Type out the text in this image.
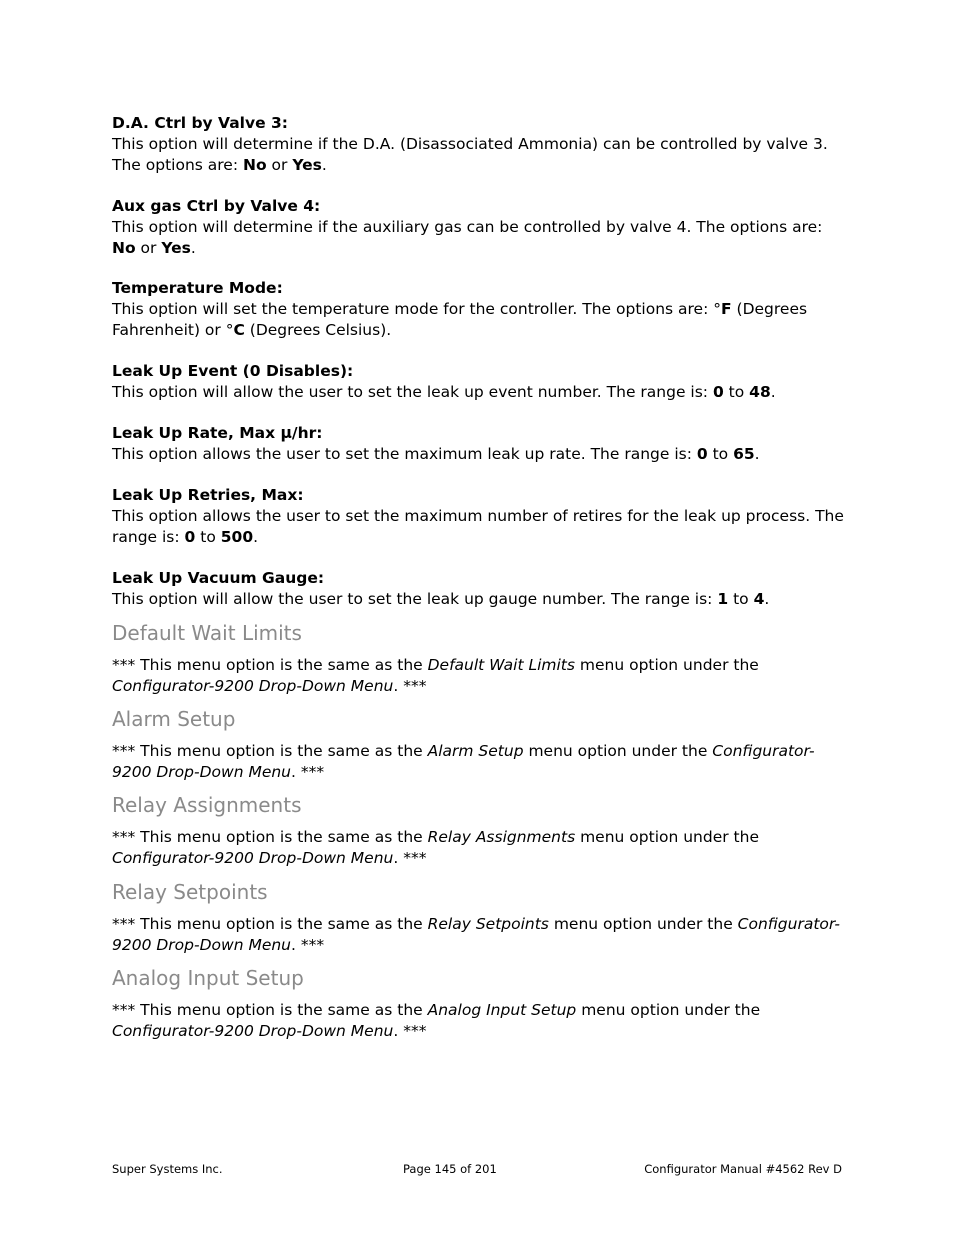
D.A. Ctrl by Valve 3:

This option will determine if the D.A. (Disassociated Ammonia) can be controlled by valve 3. The options are: No or Yes.

Aux gas Ctrl by Valve 4:

This option will determine if the auxiliary gas can be controlled by valve 4. The options are: No or Yes.

Temperature Mode:

This option will set the temperature mode for the controller. The options are: °F (Degrees Fahrenheit) or °C (Degrees Celsius).

Leak Up Event (0 Disables):

This option will allow the user to set the leak up event number. The range is: 0 to 48.

Leak Up Rate, Max μ/hr:

This option allows the user to set the maximum leak up rate. The range is: 0 to 65.

Leak Up Retries, Max:

This option allows the user to set the maximum number of retires for the leak up process. The range is: 0 to 500.

Leak Up Vacuum Gauge:

This option will allow the user to set the leak up gauge number. The range is: 1 to 4.

Default Wait Limits

*** This menu option is the same as the Default Wait Limits menu option under the Configurator-9200 Drop-Down Menu. ***

Alarm Setup

*** This menu option is the same as the Alarm Setup menu option under the Configurator-9200 Drop-Down Menu. ***

Relay Assignments

*** This menu option is the same as the Relay Assignments menu option under the Configurator-9200 Drop-Down Menu. ***

Relay Setpoints

*** This menu option is the same as the Relay Setpoints menu option under the Configurator-9200 Drop-Down Menu. ***

Analog Input Setup

*** This menu option is the same as the Analog Input Setup menu option under the Configurator-9200 Drop-Down Menu. ***

Super Systems Inc.	Page 145 of 201	Configurator Manual #4562 Rev D
